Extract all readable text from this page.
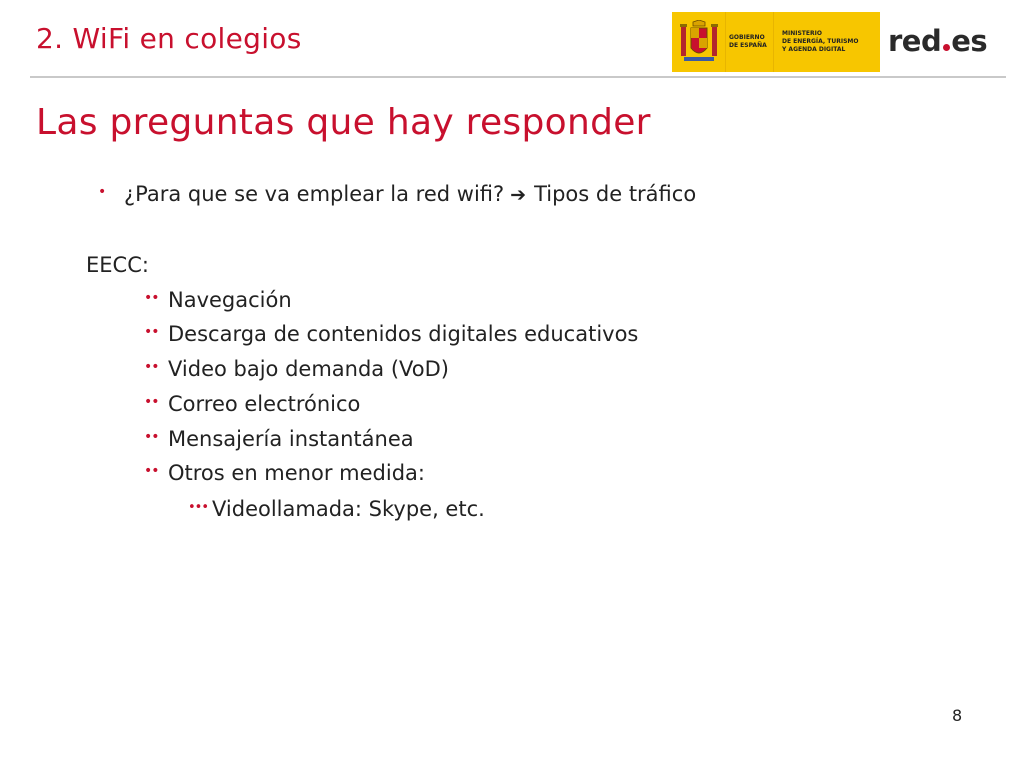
2. WiFi en colegios	GOBIERNO
DE ESPAÑA
MINISTERIO
DE ENERGÍA, TURISMO
Y AGENDA DIGITAL	red es
Las preguntas que hay responder
• ¿Para que se va emplear la red wifi? ➔ Tipos de tráfico
EECC:
•• Navegación
•• Descarga de contenidos digitales educativos
•• Video bajo demanda (VoD)
•• Correo electrónico
•• Mensajería instantánea
•• Otros en menor medida:
••• Videollamada: Skype, etc.
8
